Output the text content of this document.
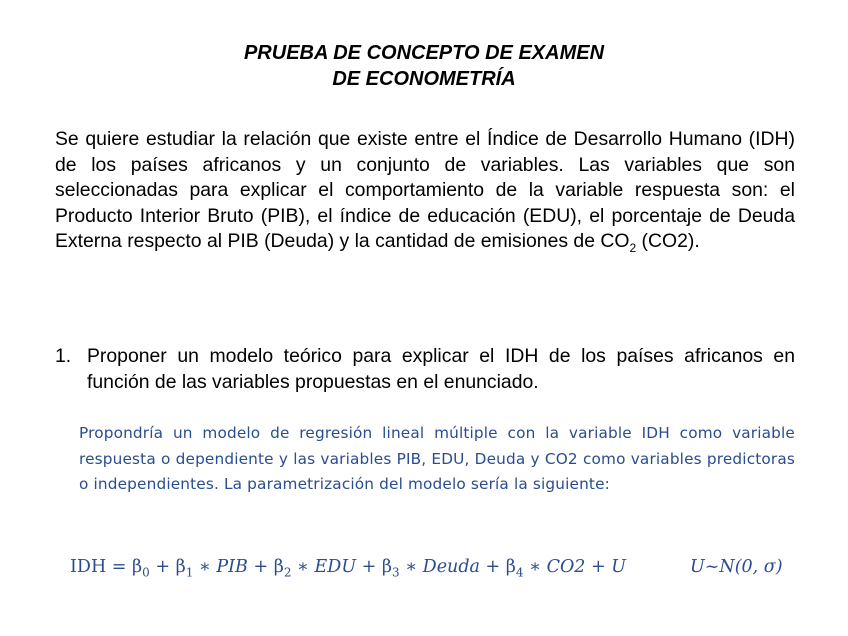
PRUEBA DE CONCEPTO DE EXAMEN
DE ECONOMETRÍA
Se quiere estudiar la relación que existe entre el Índice de Desarrollo Humano (IDH) de los países africanos y un conjunto de variables. Las variables que son seleccionadas para explicar el comportamiento de la variable respuesta son: el Producto Interior Bruto (PIB), el índice de educación (EDU), el porcentaje de Deuda Externa respecto al PIB (Deuda) y la cantidad de emisiones de $CO_2$ (CO2).
1. Proponer un modelo teórico para explicar el IDH de los países africanos en función de las variables propuestas en el enunciado.
Propondría un modelo de regresión lineal múltiple con la variable IDH como variable respuesta o dependiente y las variables PIB, EDU, Deuda y CO2 como variables predictoras o independientes. La parametrización del modelo sería la siguiente:
IDH = $\beta_0 + \beta_1$ ∗ PIB + $\beta_2$ ∗ EDU + $\beta_3$ ∗ Deuda + $\beta_4$ ∗ CO2 + U	U~N(0, σ)
